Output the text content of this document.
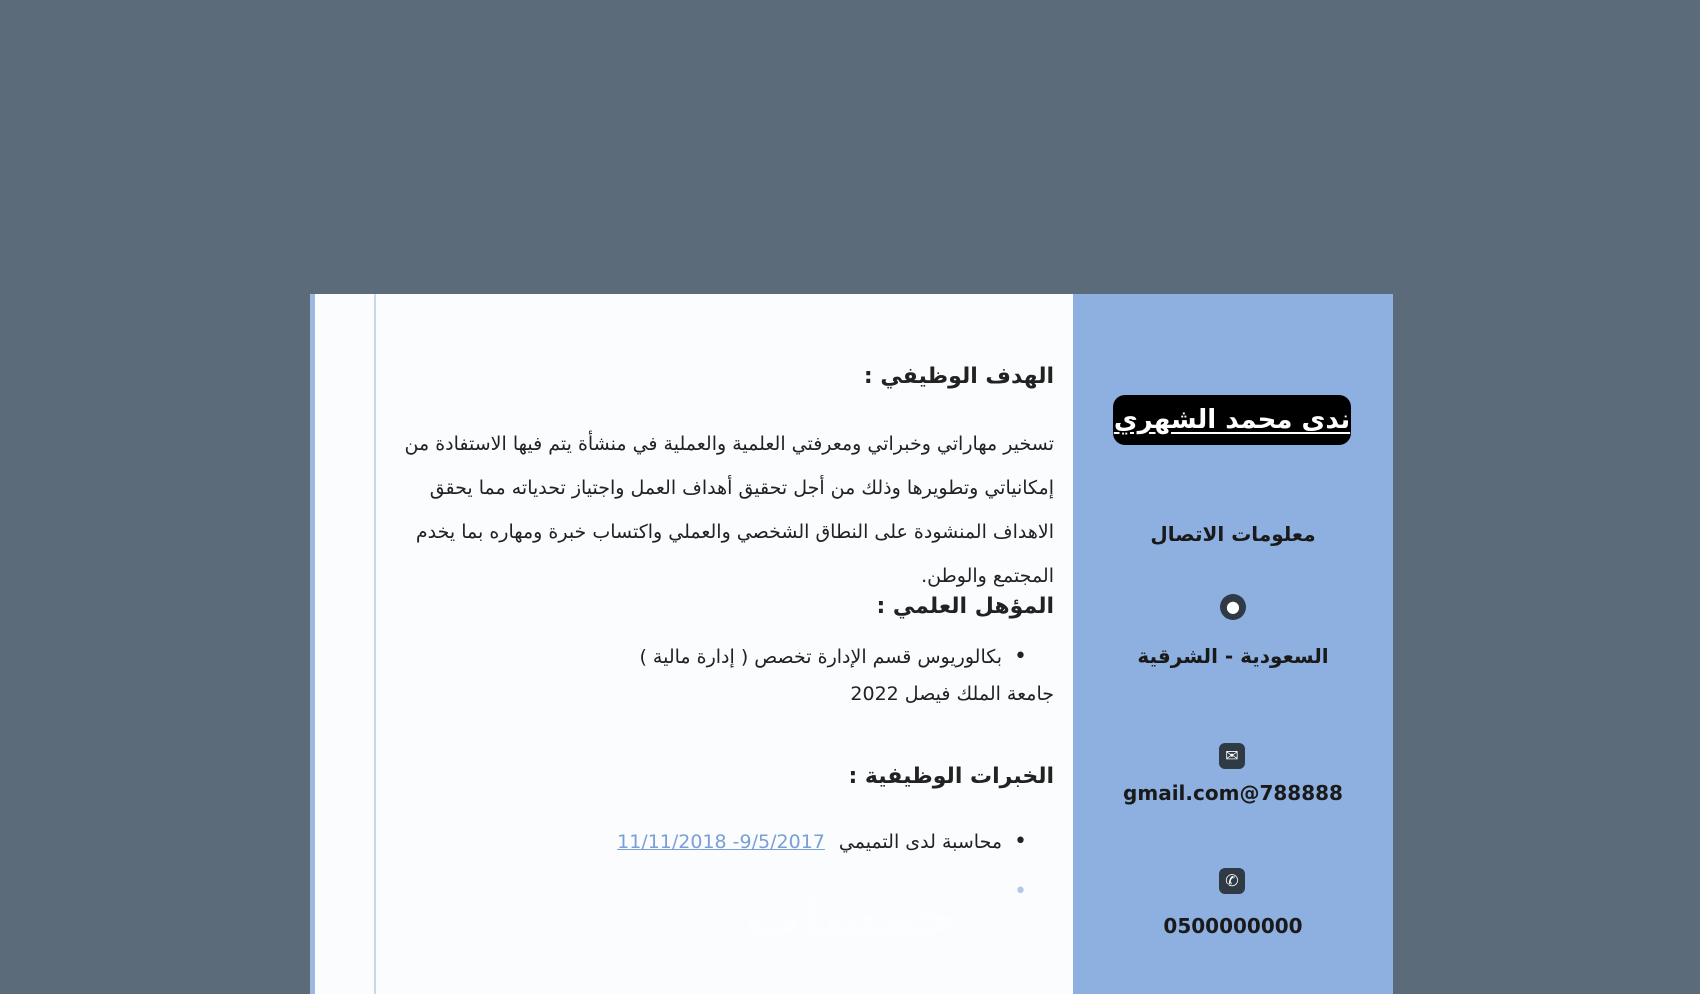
الهدف الوظيفي :

تسخير مهاراتي وخبراتي ومعرفتي العلمية والعملية في منشأة يتم فيها الاستفادة من إمكانياتي وتطويرها وذلك من أجل تحقيق أهداف العمل واجتياز تحدياته مما يحقق الاهداف المنشودة على النطاق الشخصي والعملي واكتساب خبرة ومهاره بما يخدم المجتمع والوطن.

المؤهل العلمي :
•بكالوريوس قسم الإدارة تخصص ( إدارة مالية )
جامعة الملك فيصل 2022
الخبرات الوظيفية :
•محاسبة لدى التميمي9/5/2017- 11/11/2018
•
ندى محمد الشهري
معلومات الاتصال
●
السعودية - الشرقية
✉
788888@gmail.com
✆
0500000000
خمسات
